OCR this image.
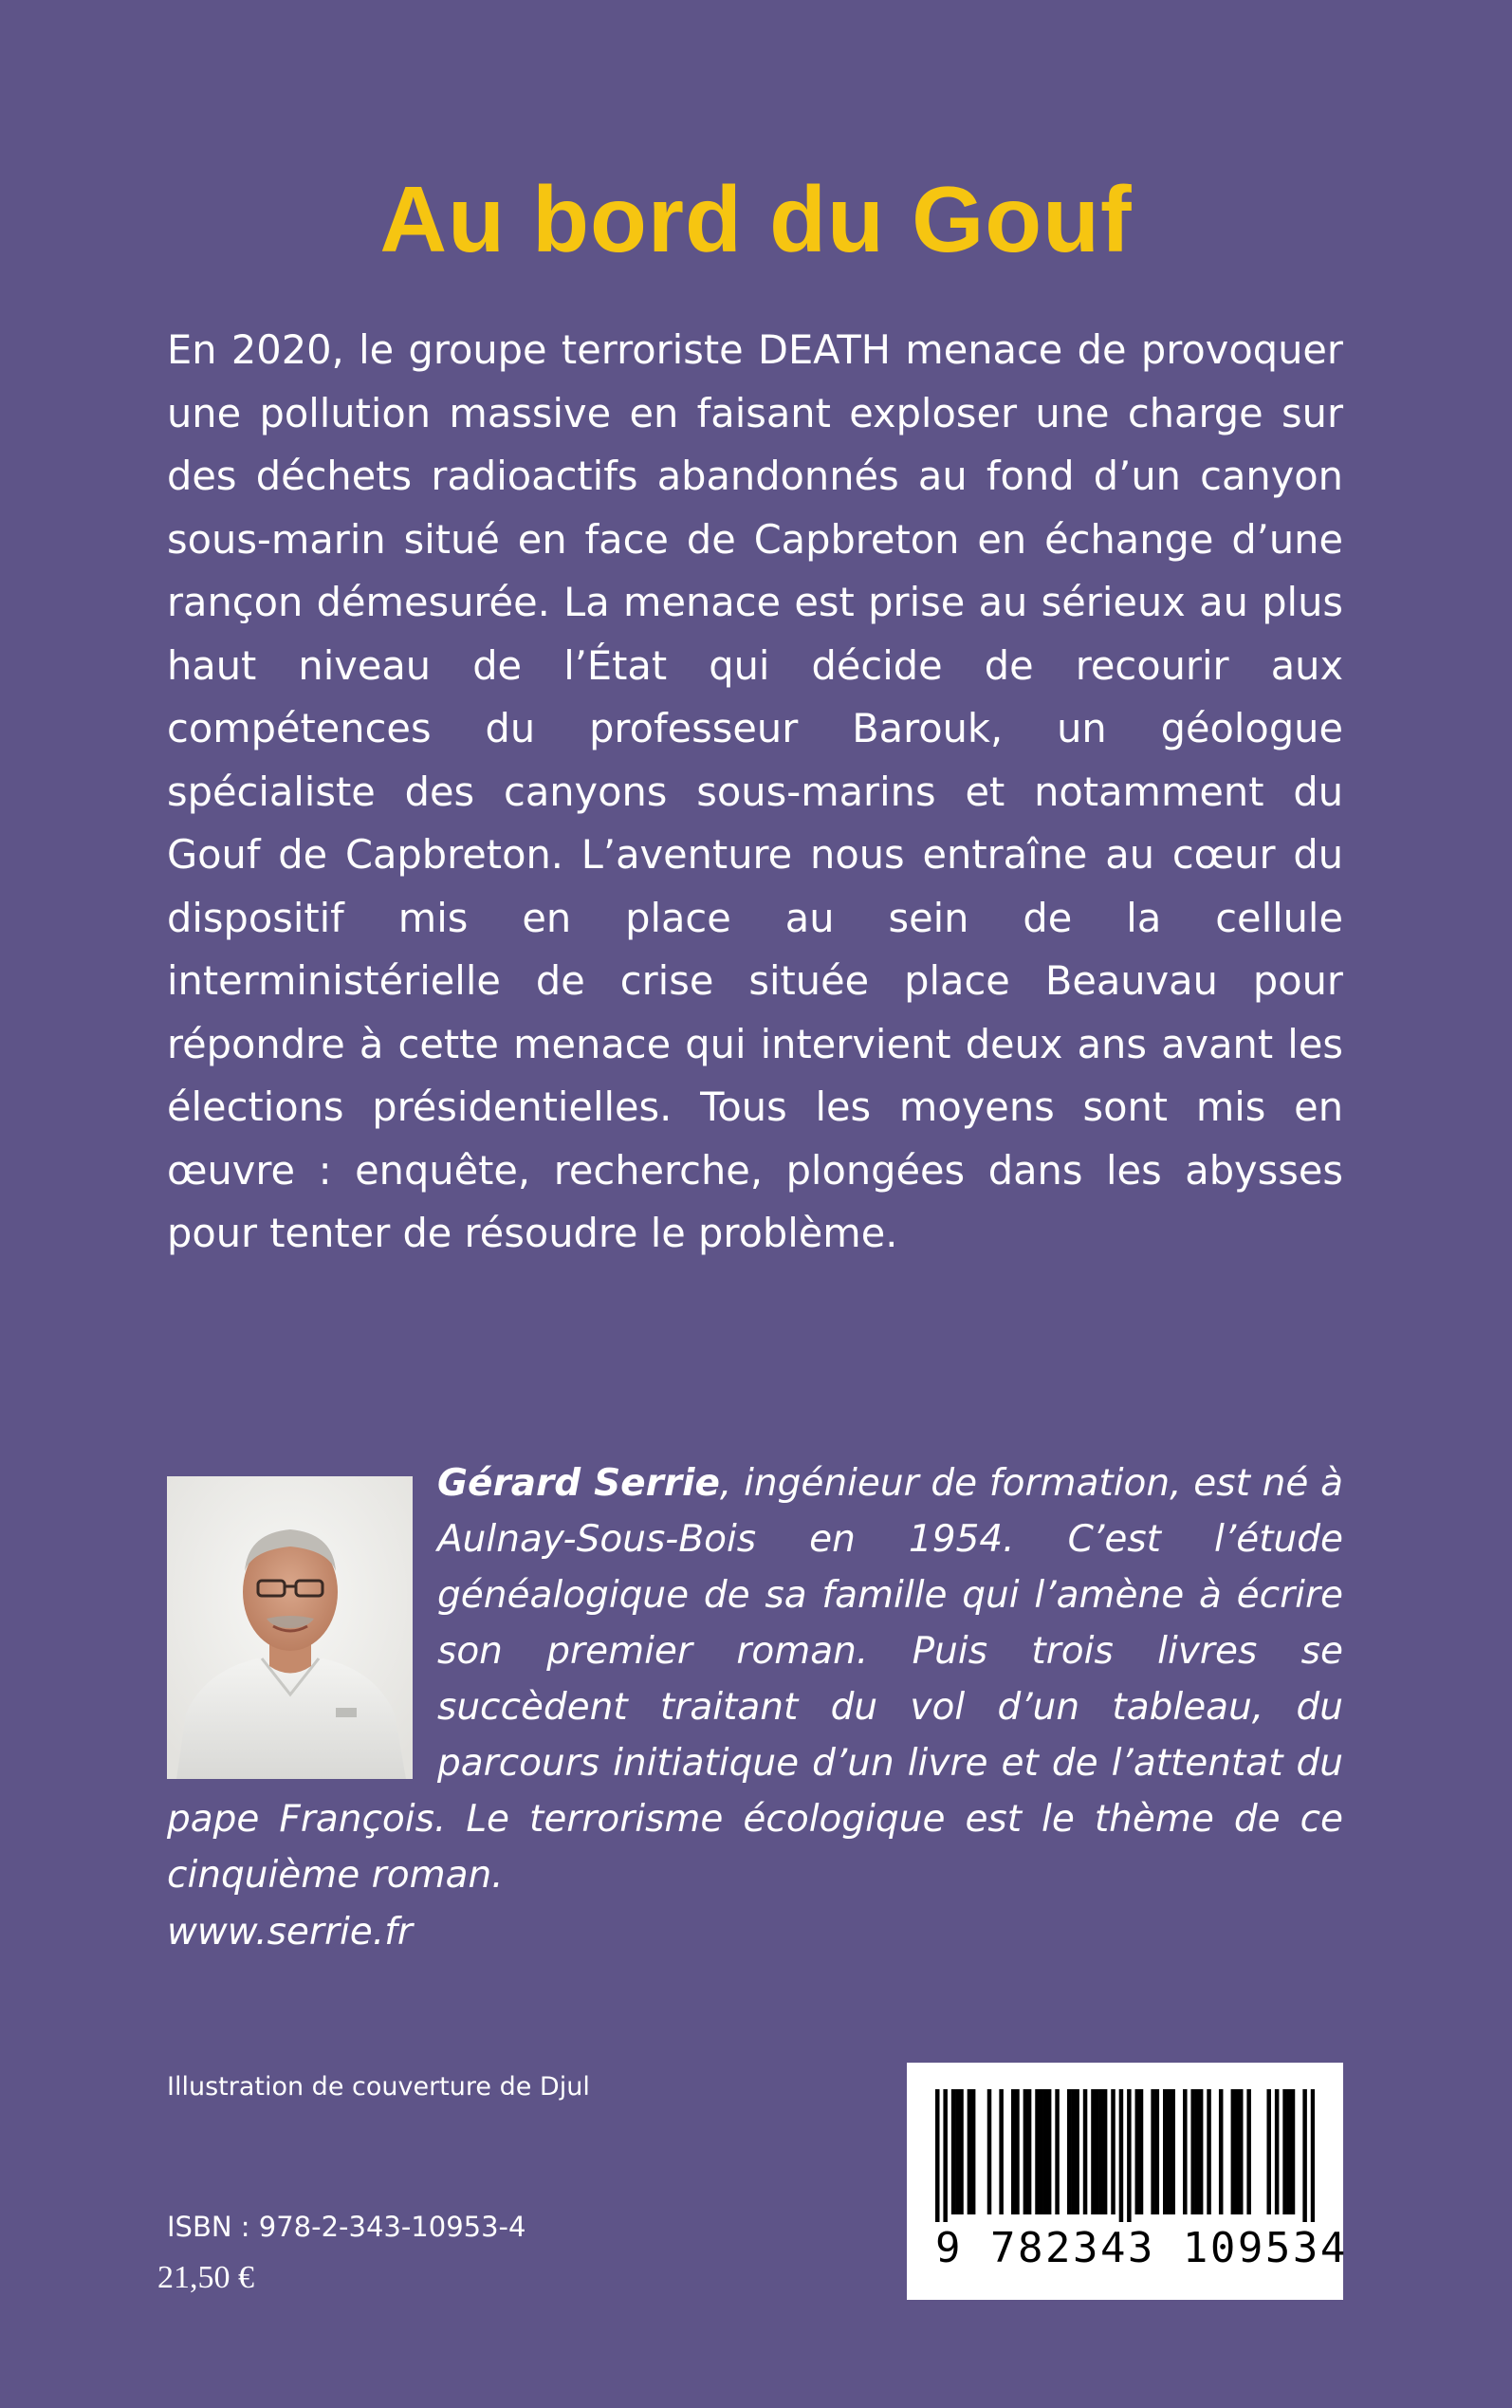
Au bord du Gouf

En 2020, le groupe terroriste DEATH menace de provoquer une pollution massive en faisant exploser une charge sur des déchets radioactifs abandonnés au fond d’un canyon sous-marin situé en face de Capbreton en échange d’une rançon démesurée. La menace est prise au sérieux au plus haut niveau de l’État qui décide de recourir aux compétences du professeur Barouk, un géologue spécialiste des canyons sous-marins et notamment du Gouf de Capbreton. L’aventure nous entraîne au cœur du dispositif mis en place au sein de la cellule interministérielle de crise située place Beauvau pour répondre à cette menace qui intervient deux ans avant les élections présidentielles. Tous les moyens sont mis en œuvre : enquête, recherche, plongées dans les abysses pour tenter de résoudre le problème.

Gérard Serrie, ingénieur de formation, est né à Aulnay-Sous-Bois en 1954. C’est l’étude généalogique de sa famille qui l’amène à écrire son premier roman. Puis trois livres se succèdent traitant du vol d’un tableau, du parcours initiatique d’un livre et de l’attentat du pape François. Le terrorisme écologique est le thème de ce cinquième roman.

www.serrie.fr
Illustration de couverture de Djul
ISBN : 978-2-343-10953-4
21,50 €
9 782343 109534
